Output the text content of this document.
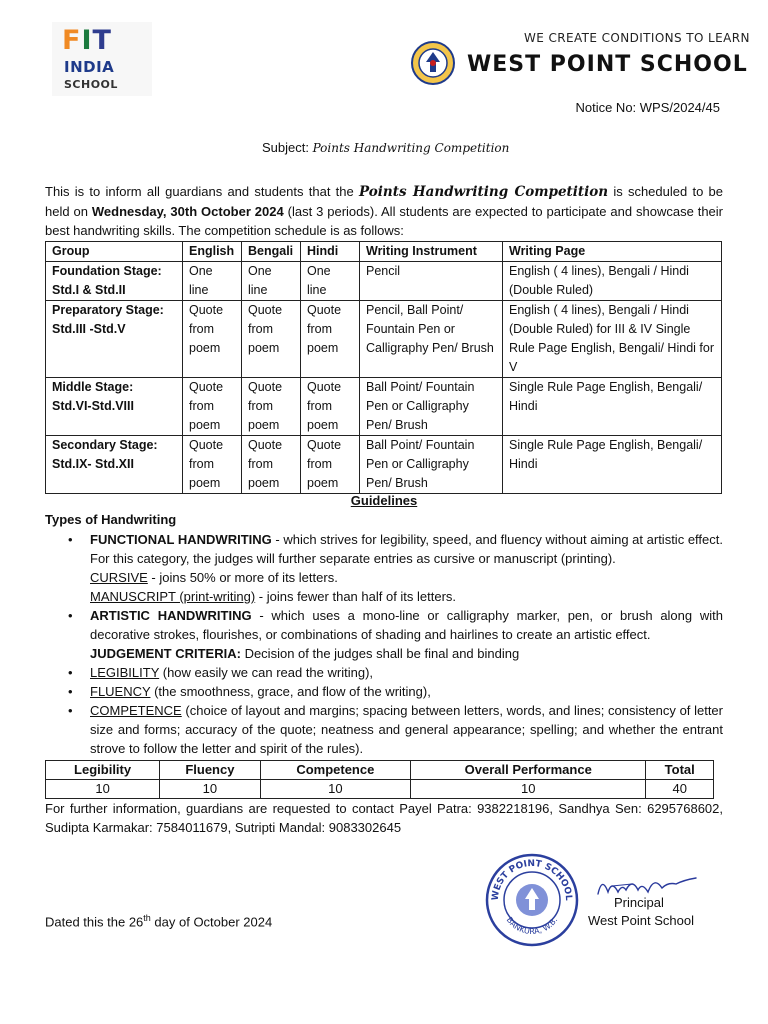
FIT
INDIA
SCHOOL
WE CREATE CONDITIONS TO LEARN
WEST POINT SCHOOL
Notice No: WPS/2024/45
Subject: Points Handwriting Competition
This is to inform all guardians and students that the Points Handwriting Competition is scheduled to be held on Wednesday, 30th October 2024 (last 3 periods). All students are expected to participate and showcase their best handwriting skills. The competition schedule is as follows:
Group	English	Bengali	Hindi	Writing Instrument	Writing Page

Foundation Stage:
Std.I & Std.II	One line	One line	One line	Pencil	English ( 4 lines), Bengali / Hindi (Double Ruled)

Preparatory Stage:
Std.III -Std.V	Quote from poem	Quote from poem	Quote from poem	Pencil, Ball Point/ Fountain Pen or Calligraphy Pen/ Brush	English ( 4 lines), Bengali / Hindi (Double Ruled) for III & IV Single Rule Page English, Bengali/ Hindi for V

Middle Stage:
Std.VI-Std.VIII	Quote from poem	Quote from poem	Quote from poem	Ball Point/ Fountain Pen or Calligraphy Pen/ Brush	Single Rule Page English, Bengali/ Hindi

Secondary Stage:
Std.IX- Std.XII	Quote from poem	Quote from poem	Quote from poem	Ball Point/ Fountain Pen or Calligraphy Pen/ Brush	Single Rule Page English, Bengali/ Hindi
Guidelines
Types of Handwriting
• FUNCTIONAL HANDWRITING - which strives for legibility, speed, and fluency without aiming at artistic effect. For this category, the judges will further separate entries as cursive or manuscript (printing).
CURSIVE - joins 50% or more of its letters.
MANUSCRIPT (print-writing) - joins fewer than half of its letters.
• ARTISTIC HANDWRITING - which uses a mono-line or calligraphy marker, pen, or brush along with decorative strokes, flourishes, or combinations of shading and hairlines to create an artistic effect.
JUDGEMENT CRITERIA: Decision of the judges shall be final and binding
• LEGIBILITY (how easily we can read the writing),
• FLUENCY (the smoothness, grace, and flow of the writing),
• COMPETENCE (choice of layout and margins; spacing between letters, words, and lines; consistency of letter size and forms; accuracy of the quote; neatness and general appearance; spelling; and whether the entrant strove to follow the letter and spirit of the rules).
Legibility	Fluency	Competence	Overall Performance	Total
10	10	10	10	40
For further information, guardians are requested to contact Payel Patra: 9382218196, Sandhya Sen: 6295768602, Sudipta Karmakar: 7584011679, Sutripti Mandal: 9083302645
Dated this the 26th day of October 2024
WEST POINT SCHOOL
BANKURA, W.B.
Principal
West Point School
